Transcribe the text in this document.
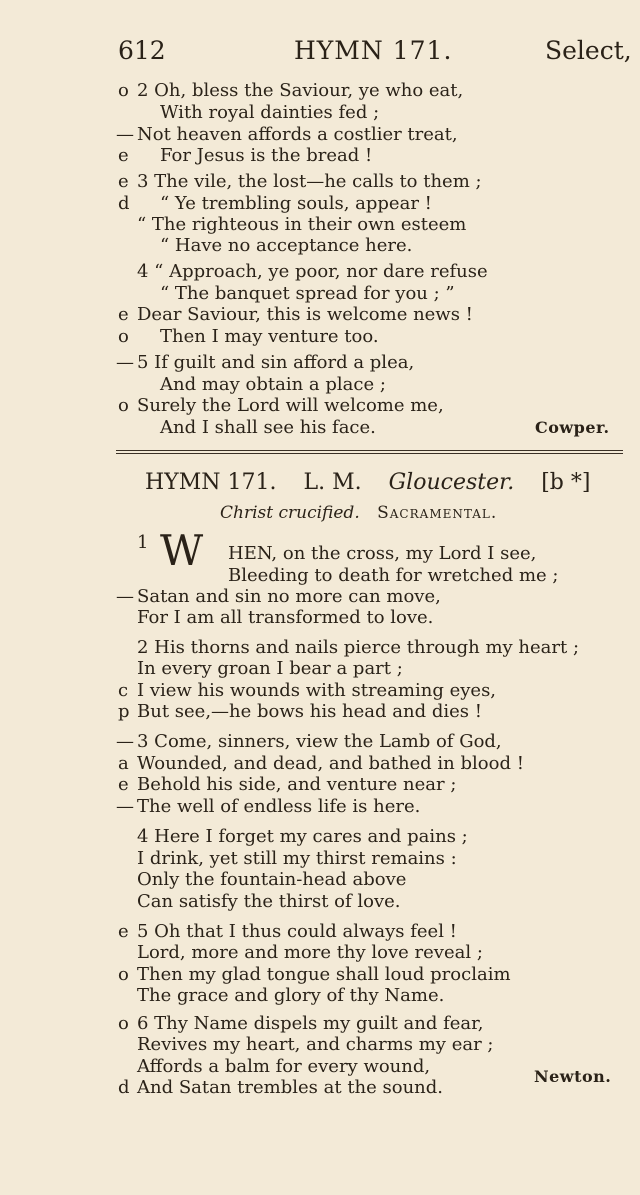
612	HYMN 171.	Select,
o 2 Oh, bless the Saviour, ye who eat,
With royal dainties fed ;
— Not heaven affords a costlier treat,
e	For Jesus is the bread !
e 3 The vile, the lost—he calls to them ;
d	“ Ye trembling souls, appear !
“ The righteous in their own esteem
“ Have no acceptance here.
4 “ Approach, ye poor, nor dare refuse
“ The banquet spread for you ; ”
e Dear Saviour, this is welcome news !
o	Then I may venture too.
— 5 If guilt and sin afford a plea,
And may obtain a place ;
o Surely the Lord will welcome me,
And I shall see his face.	Cowper.
HYMN 171. L. M. Gloucester. [b *]
Christ crucified. Sacramental.
1 W HEN, on the cross, my Lord I see,
Bleeding to death for wretched me ;
— Satan and sin no more can move,
For I am all transformed to love.
2 His thorns and nails pierce through my heart ;
In every groan I bear a part ;
c I view his wounds with streaming eyes,
p But see,—he bows his head and dies !
— 3 Come, sinners, view the Lamb of God,
a Wounded, and dead, and bathed in blood !
e Behold his side, and venture near ;
— The well of endless life is here.
4 Here I forget my cares and pains ;
I drink, yet still my thirst remains :
Only the fountain-head above
Can satisfy the thirst of love.
e 5 Oh that I thus could always feel !
Lord, more and more thy love reveal ;
o Then my glad tongue shall loud proclaim
The grace and glory of thy Name.
o 6 Thy Name dispels my guilt and fear,
Revives my heart, and charms my ear ;
Affords a balm for every wound,
d And Satan trembles at the sound.
Newton.
